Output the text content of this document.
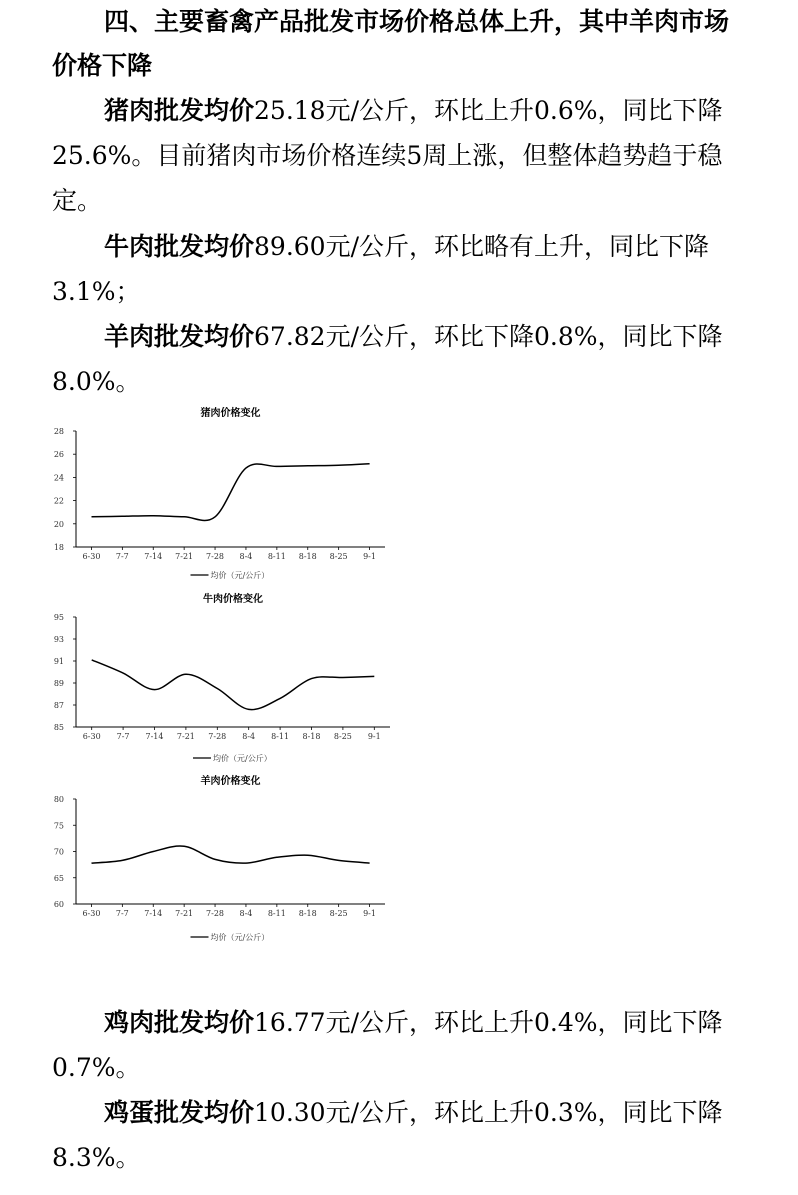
四、主要畜禽产品批发市场价格总体上升，其中羊肉市场价格下降

猪肉批发均价25.18元/公斤，环比上升0.6%，同比下降25.6%。目前猪肉市场价格连续5周上涨，但整体趋势趋于稳定。

牛肉批发均价89.60元/公斤，环比略有上升，同比下降3.1%；

羊肉批发均价67.82元/公斤，环比下降0.8%，同比下降8.0%。

猪肉价格变化
18
20
22
24
26
28
6-30 7-7 7-14 7-21 7-28 8-4 8-11 8-18 8-25 9-1
均价（元/公斤）
牛肉价格变化
85
87
89
91
93
95
6-30 7-7 7-14 7-21 7-28 8-4 8-11 8-18 8-25 9-1
均价（元/公斤）
羊肉价格变化
60
65
70
75
80
6-30 7-7 7-14 7-21 7-28 8-4 8-11 8-18 8-25 9-1
均价（元/公斤）

鸡肉批发均价16.77元/公斤，环比上升0.4%，同比下降0.7%。

鸡蛋批发均价10.30元/公斤，环比上升0.3%，同比下降8.3%。
